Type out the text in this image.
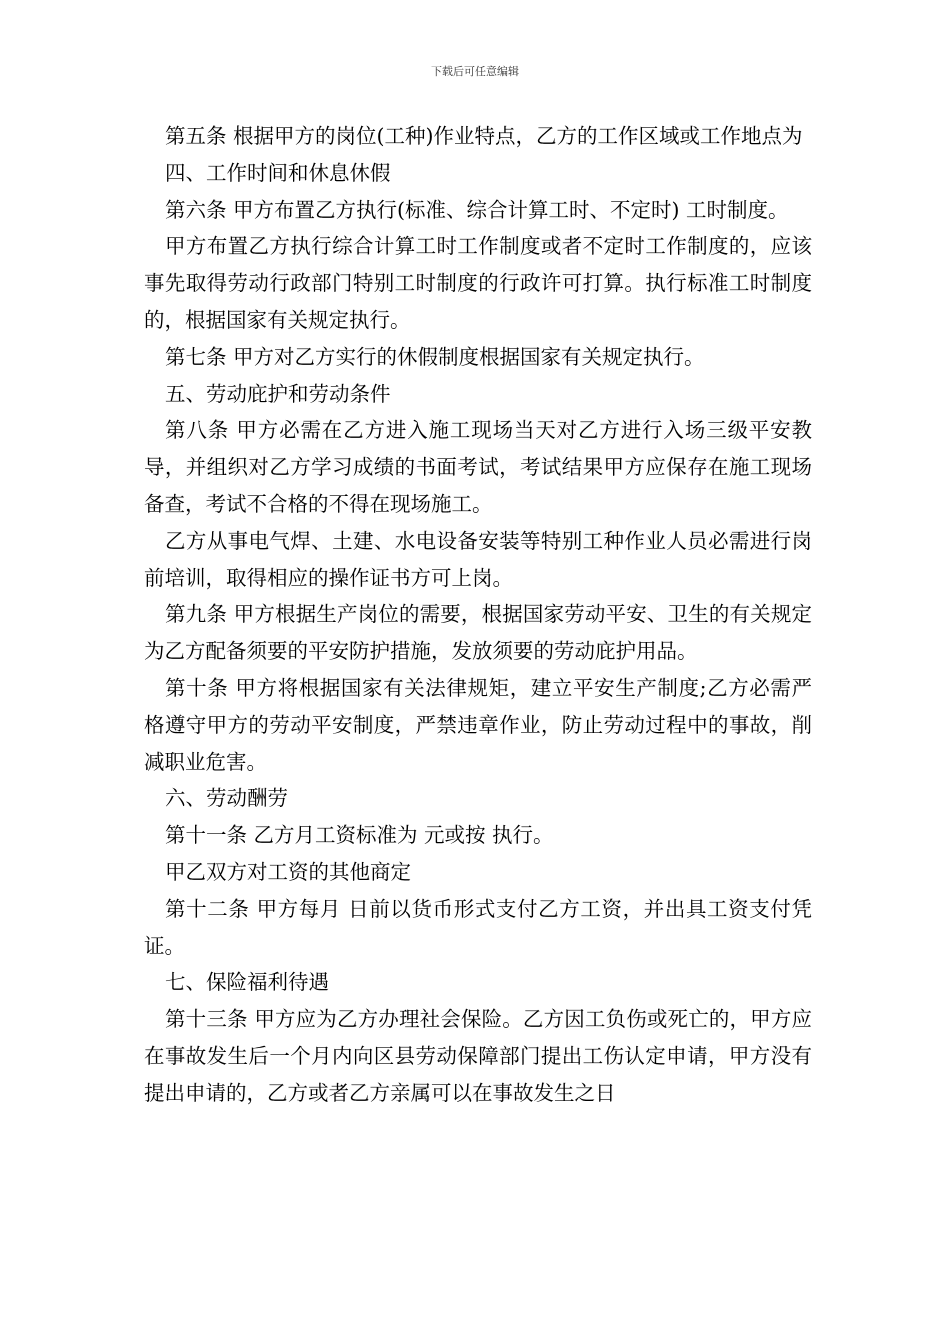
下载后可任意编辑

第五条 根据甲方的岗位(工种)作业特点，乙方的工作区域或工作地点为

四、工作时间和休息休假

第六条 甲方布置乙方执行(标准、综合计算工时、不定时) 工时制度。

甲方布置乙方执行综合计算工时工作制度或者不定时工作制度的，应该事先取得劳动行政部门特别工时制度的行政许可打算。执行标准工时制度的，根据国家有关规定执行。

第七条 甲方对乙方实行的休假制度根据国家有关规定执行。

五、劳动庇护和劳动条件

第八条 甲方必需在乙方进入施工现场当天对乙方进行入场三级平安教导，并组织对乙方学习成绩的书面考试，考试结果甲方应保存在施工现场备查，考试不合格的不得在现场施工。

乙方从事电气焊、土建、水电设备安装等特别工种作业人员必需进行岗前培训，取得相应的操作证书方可上岗。

第九条 甲方根据生产岗位的需要，根据国家劳动平安、卫生的有关规定为乙方配备须要的平安防护措施，发放须要的劳动庇护用品。

第十条 甲方将根据国家有关法律规矩，建立平安生产制度;乙方必需严格遵守甲方的劳动平安制度，严禁违章作业，防止劳动过程中的事故，削减职业危害。

六、劳动酬劳

第十一条 乙方月工资标准为 元或按 执行。

甲乙双方对工资的其他商定

第十二条 甲方每月 日前以货币形式支付乙方工资，并出具工资支付凭证。

七、保险福利待遇

第十三条 甲方应为乙方办理社会保险。乙方因工负伤或死亡的，甲方应在事故发生后一个月内向区县劳动保障部门提出工伤认定申请，甲方没有提出申请的，乙方或者乙方亲属可以在事故发生之日
